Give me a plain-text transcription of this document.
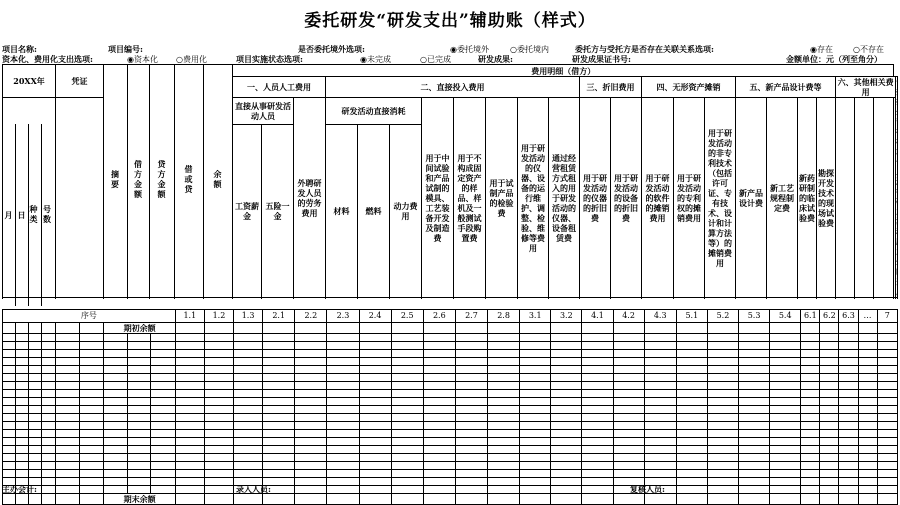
委托研发“研发支出”辅助账（样式）
项目名称:	项目编号:	是否委托境外选项:	◉委托境外	○委托境内	委托方与受托方是否存在关联关系选项:	◉存在	○不存在
资本化、费用化支出选项:	◉资本化 ○费用化	项目实施状态选项:	◉未完成	○已完成	研发成果:	研发成果证书号:	金额单位：元（列至角分）
20XX年	凭证	摘要	借方金额	贷方金额	借或贷	余额	费用明细（借方）																								
							一、人员人工费用			二、直接投入费用								三、折旧费用		四、无形资产摊销			五、新产品设计费等				六、其他相关费用	
							直接从事研发活动人员		外聘研发人员的劳务费用	研发活动直接消耗			用于中间试验和产品试制的模具、工艺装备开发及制造费	用于不构成固定资产的样品、样机及一般测试手段购置费	用于试制产品的检验费	用于研发活动的仪器、设备的运行维护、调整、检验、维修等费用	通过经营租赁方式租入的用于研发活动的仪器、设备租赁费	用于研发活动的仪器的折旧费	用于研发活动的设备的折旧费	用于研发活动的软件的摊销费用	用于研发活动的专利权的摊销费用	用于研发活动的非专利技术（包括许可证、专有技术、设计和计算方法等）的摊销费用	新产品设计费	新工艺规程制定费	新药研制的临床试验费	勘探开发技术的现场试验费					
							工资薪金	五险一金		材料	燃料	动力费用																			

月 日 种类 号数
序号									1.1	1.2	1.3	2.1	2.2	2.3	2.4	2.5	2.6	2.7	2.8	3.1	3.2	4.1	4.2	4.3	5.1	5.2	5.3	5.4	6.1	6.2	6.3	…	7
						期初余额																											

						期末余额																											
主办会计:	录入人员:	复核人员:
